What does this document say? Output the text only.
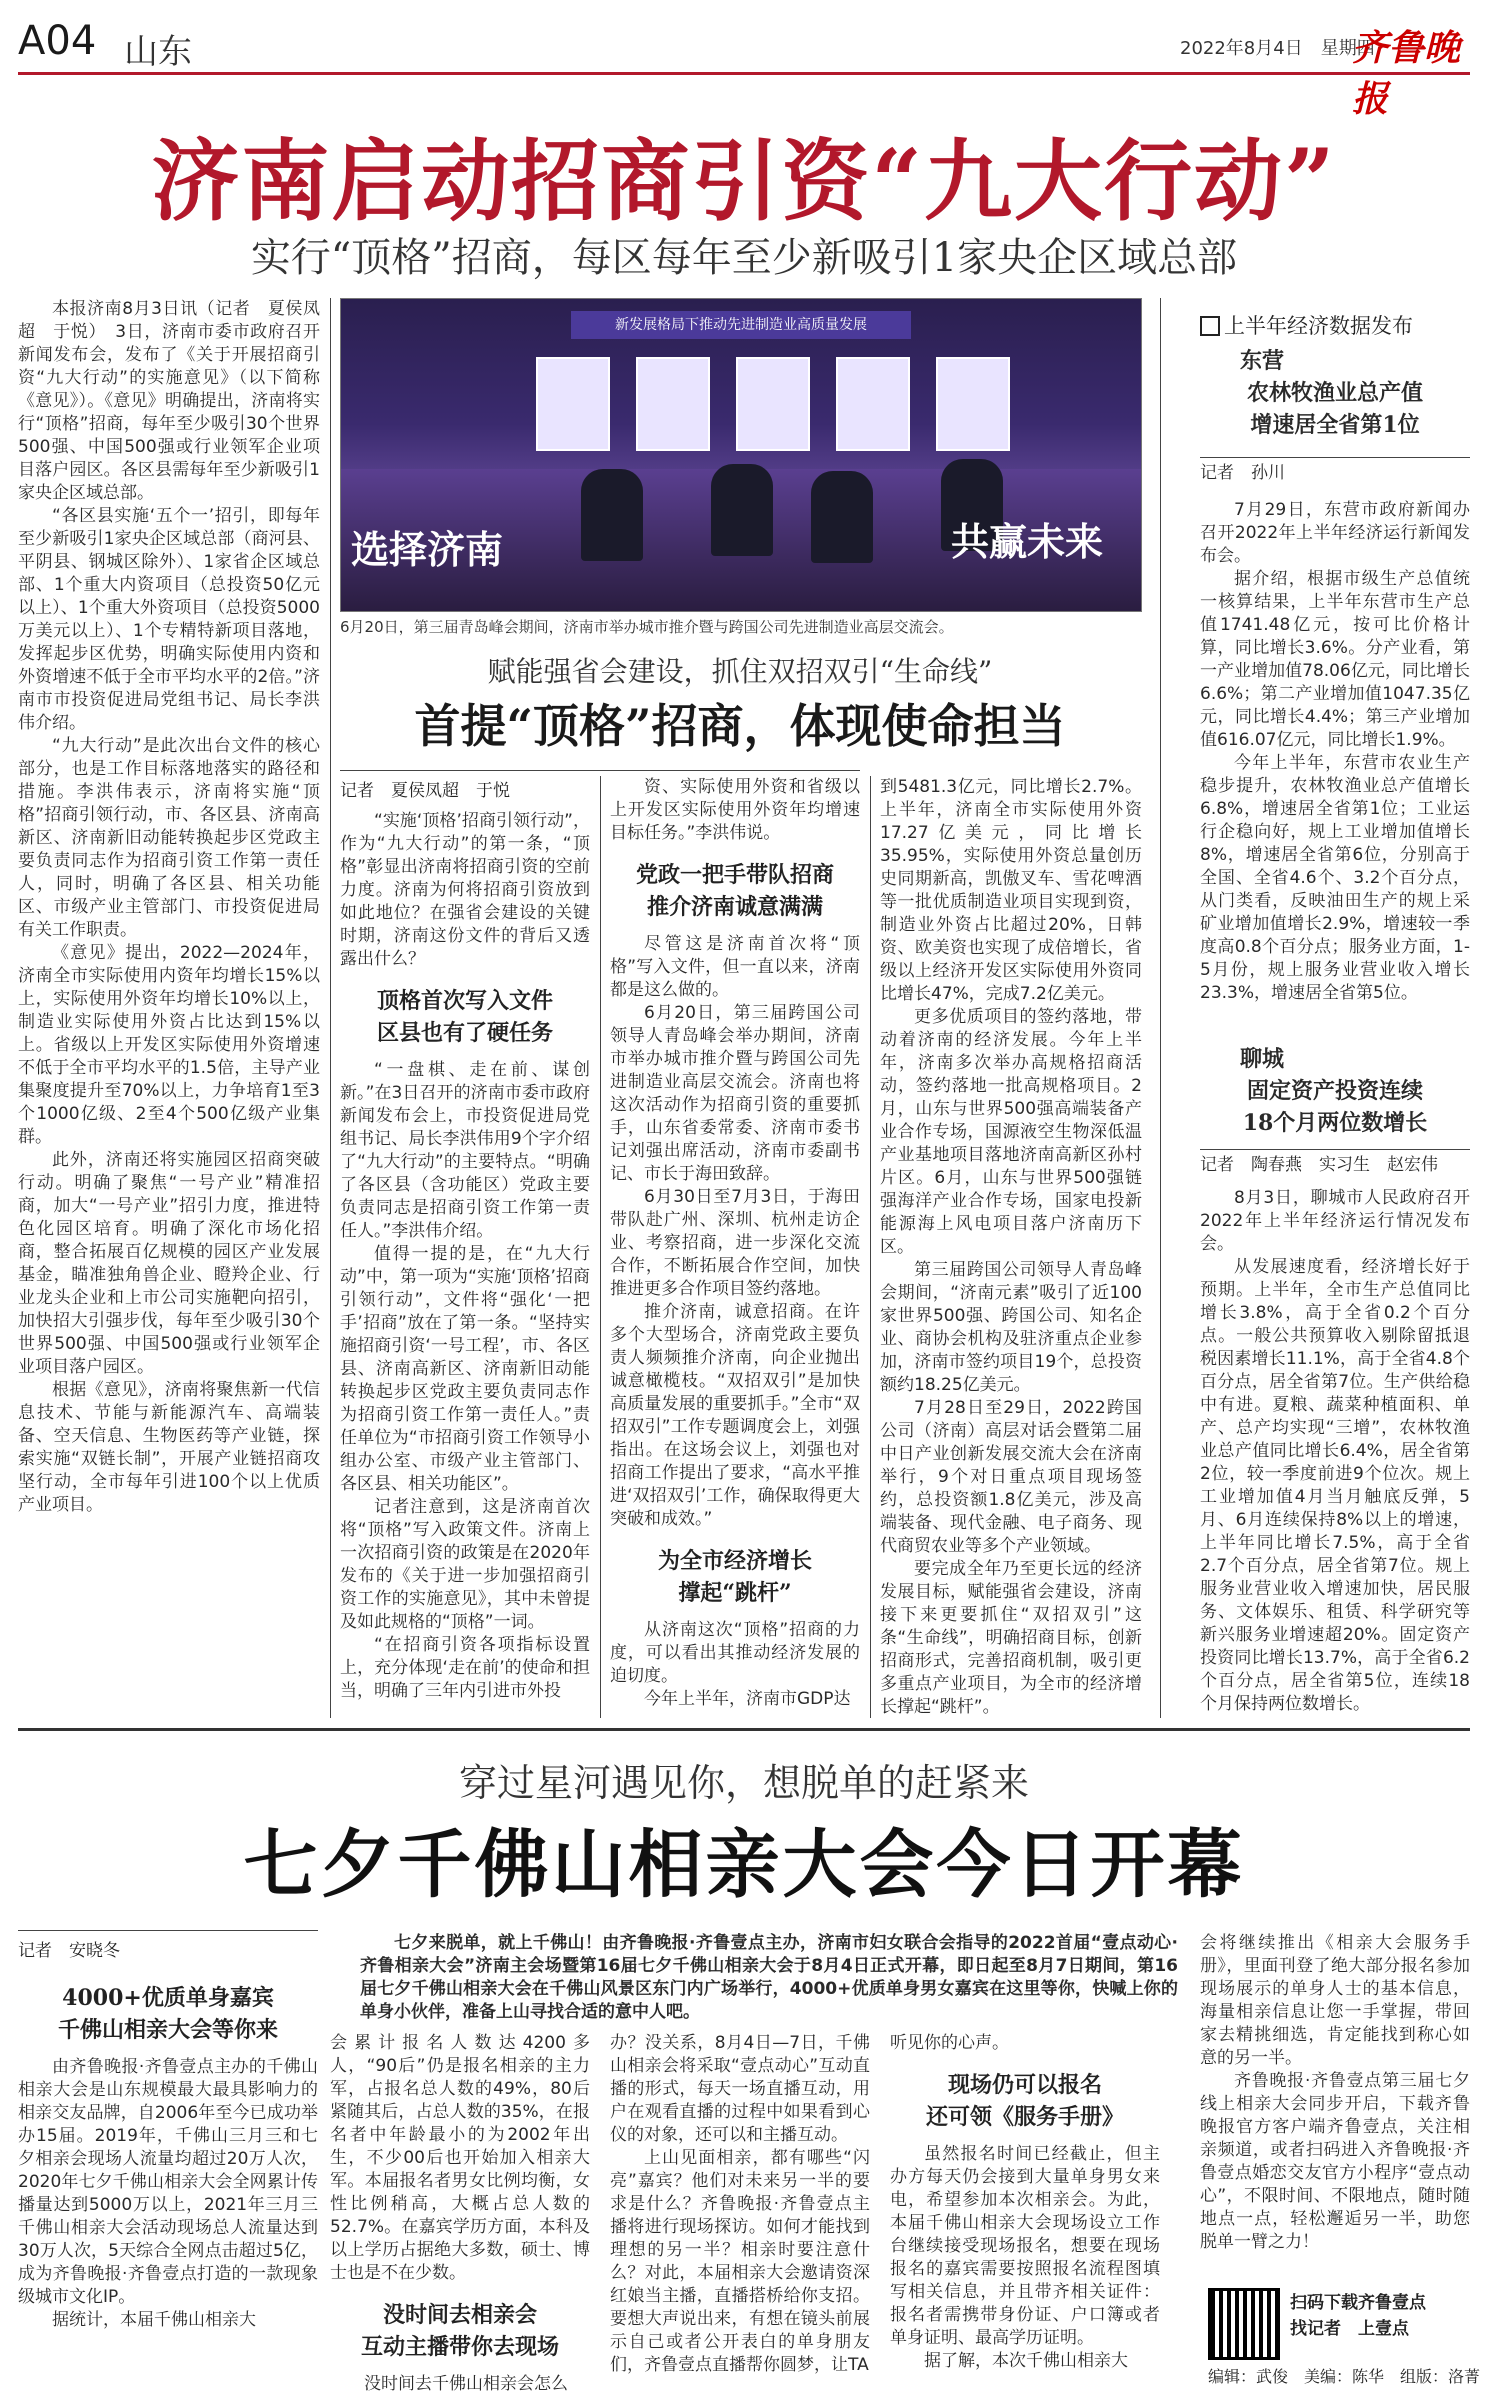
A04 山东	2022年8月4日　星期四
齐鲁晚报
济南启动招商引资“九大行动”
实行“顶格”招商，每区每年至少新吸引1家央企区域总部

本报济南8月3日讯（记者　夏侯凤超　于悦）　3日，济南市委市政府召开新闻发布会，发布了《关于开展招商引资“九大行动”的实施意见》（以下简称《意见》）。《意见》明确提出，济南将实行“顶格”招商，每年至少吸引30个世界500强、中国500强或行业领军企业项目落户园区。各区县需每年至少新吸引1家央企区域总部。

“各区县实施‘五个一’招引，即每年至少新吸引1家央企区域总部（商河县、平阴县、钢城区除外）、1家省企区域总部、1个重大内资项目（总投资50亿元以上）、1个重大外资项目（总投资5000万美元以上）、1个专精特新项目落地，发挥起步区优势，明确实际使用内资和外资增速不低于全市平均水平的2倍。”济南市市投资促进局党组书记、局长李洪伟介绍。

“九大行动”是此次出台文件的核心部分，也是工作目标落地落实的路径和措施。李洪伟表示，济南将实施“顶格”招商引领行动，市、各区县、济南高新区、济南新旧动能转换起步区党政主要负责同志作为招商引资工作第一责任人，同时，明确了各区县、相关功能区、市级产业主管部门、市投资促进局有关工作职责。

《意见》提出，2022—2024年，济南全市实际使用内资年均增长15%以上，实际使用外资年均增长10%以上，制造业实际使用外资占比达到15%以上。省级以上开发区实际使用外资增速不低于全市平均水平的1.5倍，主导产业集聚度提升至70%以上，力争培育1至3个1000亿级、2至4个500亿级产业集群。

此外，济南还将实施园区招商突破行动。明确了聚焦“一号产业”精准招商，加大“一号产业”招引力度，推进特色化园区培育。明确了深化市场化招商，整合拓展百亿规模的园区产业发展基金，瞄准独角兽企业、瞪羚企业、行业龙头企业和上市公司实施靶向招引，加快招大引强步伐，每年至少吸引30个世界500强、中国500强或行业领军企业项目落户园区。

根据《意见》，济南将聚焦新一代信息技术、节能与新能源汽车、高端装备、空天信息、生物医药等产业链，探索实施“双链长制”，开展产业链招商攻坚行动，全市每年引进100个以上优质产业项目。

新发展格局下推动先进制造业高质量发展
选择济南	共赢未来
6月20日，第三届青岛峰会期间，济南市举办城市推介暨与跨国公司先进制造业高层交流会。
赋能强省会建设，抓住双招双引“生命线”
首提“顶格”招商，体现使命担当
记者　夏侯凤超　于悦

“实施‘顶格’招商引领行动”，作为“九大行动”的第一条，“顶格”彰显出济南将招商引资的空前力度。济南为何将招商引资放到如此地位？在强省会建设的关键时期，济南这份文件的背后又透露出什么？

顶格首次写入文件
区县也有了硬任务

“一盘棋、走在前、谋创新。”在3日召开的济南市委市政府新闻发布会上，市投资促进局党组书记、局长李洪伟用9个字介绍了“九大行动”的主要特点。“明确了各区县（含功能区）党政主要负责同志是招商引资工作第一责任人。”李洪伟介绍。

值得一提的是，在“九大行动”中，第一项为“实施‘顶格’招商引领行动”，文件将“强化‘一把手’招商”放在了第一条。“坚持实施招商引资‘一号工程’，市、各区县、济南高新区、济南新旧动能转换起步区党政主要负责同志作为招商引资工作第一责任人。”责任单位为“市招商引资工作领导小组办公室、市级产业主管部门、各区县、相关功能区”。

记者注意到，这是济南首次将“顶格”写入政策文件。济南上一次招商引资的政策是在2020年发布的《关于进一步加强招商引资工作的实施意见》，其中未曾提及如此规格的“顶格”一词。

“在招商引资各项指标设置上，充分体现‘走在前’的使命和担当，明确了三年内引进市外投

资、实际使用外资和省级以上开发区实际使用外资年均增速目标任务。”李洪伟说。

党政一把手带队招商
推介济南诚意满满

尽管这是济南首次将“顶格”写入文件，但一直以来，济南都是这么做的。

6月20日，第三届跨国公司领导人青岛峰会举办期间，济南市举办城市推介暨与跨国公司先进制造业高层交流会。济南也将这次活动作为招商引资的重要抓手，山东省委常委、济南市委书记刘强出席活动，济南市委副书记、市长于海田致辞。

6月30日至7月3日，于海田带队赴广州、深圳、杭州走访企业、考察招商，进一步深化交流合作，不断拓展合作空间，加快推进更多合作项目签约落地。

推介济南，诚意招商。在许多个大型场合，济南党政主要负责人频频推介济南，向企业抛出诚意橄榄枝。“双招双引”是加快高质量发展的重要抓手。”全市“双招双引”工作专题调度会上，刘强指出。在这场会议上，刘强也对招商工作提出了要求，“高水平推进‘双招双引’工作，确保取得更大突破和成效。”

为全市经济增长
撑起“跳杆”

从济南这次“顶格”招商的力度，可以看出其推动经济发展的迫切度。

今年上半年，济南市GDP达

到5481.3亿元，同比增长2.7%。上半年，济南全市实际使用外资17.27亿美元，同比增长35.95%，实际使用外资总量创历史同期新高，凯傲叉车、雪花啤酒等一批优质制造业项目实现到资，制造业外资占比超过20%，日韩资、欧美资也实现了成倍增长，省级以上经济开发区实际使用外资同比增长47%，完成7.2亿美元。

更多优质项目的签约落地，带动着济南的经济发展。今年上半年，济南多次举办高规格招商活动，签约落地一批高规格项目。2月，山东与世界500强高端装备产业合作专场，国源液空生物深低温产业基地项目落地济南高新区孙村片区。6月，山东与世界500强链强海洋产业合作专场，国家电投新能源海上风电项目落户济南历下区。

第三届跨国公司领导人青岛峰会期间，“济南元素”吸引了近100家世界500强、跨国公司、知名企业、商协会机构及驻济重点企业参加，济南市签约项目19个，总投资额约18.25亿美元。

7月28日至29日，2022跨国公司（济南）高层对话会暨第二届中日产业创新发展交流大会在济南举行，9个对日重点项目现场签约，总投资额1.8亿美元，涉及高端装备、现代金融、电子商务、现代商贸农业等多个产业领域。

要完成全年乃至更长远的经济发展目标，赋能强省会建设，济南接下来更要抓住“双招双引”这条“生命线”，明确招商目标，创新招商形式，完善招商机制，吸引更多重点产业项目，为全市的经济增长撑起“跳杆”。

上半年经济数据发布
东营
农林牧渔业总产值
增速居全省第1位

记者　孙川

7月29日，东营市政府新闻办召开2022年上半年经济运行新闻发布会。

据介绍，根据市级生产总值统一核算结果，上半年东营市生产总值1741.48亿元，按可比价格计算，同比增长3.6%。分产业看，第一产业增加值78.06亿元，同比增长6.6%；第二产业增加值1047.35亿元，同比增长4.4%；第三产业增加值616.07亿元，同比增长1.9%。

今年上半年，东营市农业生产稳步提升，农林牧渔业总产值增长6.8%，增速居全省第1位；工业运行企稳向好，规上工业增加值增长8%，增速居全省第6位，分别高于全国、全省4.6个、3.2个百分点，从门类看，反映油田生产的规上采矿业增加值增长2.9%，增速较一季度高0.8个百分点；服务业方面，1-5月份，规上服务业营业收入增长23.3%，增速居全省第5位。

聊城
固定资产投资连续
18个月两位数增长

记者　陶春燕　实习生　赵宏伟

8月3日，聊城市人民政府召开2022年上半年经济运行情况发布会。

从发展速度看，经济增长好于预期。上半年，全市生产总值同比增长3.8%，高于全省0.2个百分点。一般公共预算收入剔除留抵退税因素增长11.1%，高于全省4.8个百分点，居全省第7位。生产供给稳中有进。夏粮、蔬菜种植面积、单产、总产均实现“三增”，农林牧渔业总产值同比增长6.4%，居全省第2位，较一季度前进9个位次。规上工业增加值4月当月触底反弹，5月、6月连续保持8%以上的增速，上半年同比增长7.5%，高于全省2.7个百分点，居全省第7位。规上服务业营业收入增速加快，居民服务、文体娱乐、租赁、科学研究等新兴服务业增速超20%。固定资产投资同比增长13.7%，高于全省6.2个百分点，居全省第5位，连续18个月保持两位数增长。

穿过星河遇见你，想脱单的赶紧来
七夕千佛山相亲大会今日开幕
记者　安晓冬	七夕来脱单，就上千佛山！由齐鲁晚报·齐鲁壹点主办，济南市妇女联合会指导的2022首届“壹点动心·齐鲁相亲大会”济南主会场暨第16届七夕千佛山相亲大会于8月4日正式开幕，即日起至8月7日期间，第16届七夕千佛山相亲大会在千佛山风景区东门内广场举行，4000+优质单身男女嘉宾在这里等你，快喊上你的单身小伙伴，准备上山寻找合适的意中人吧。

4000+优质单身嘉宾
千佛山相亲大会等你来

由齐鲁晚报·齐鲁壹点主办的千佛山相亲大会是山东规模最大最具影响力的相亲交友品牌，自2006年至今已成功举办15届。2019年，千佛山三月三和七夕相亲会现场人流量均超过20万人次，2020年七夕千佛山相亲大会全网累计传播量达到5000万以上，2021年三月三千佛山相亲大会活动现场总人流量达到30万人次，5天综合全网点击超过5亿，成为齐鲁晚报·齐鲁壹点打造的一款现象级城市文化IP。

据统计，本届千佛山相亲大

会累计报名人数达4200多人，“90后”仍是报名相亲的主力军，占报名总人数的49%，80后紧随其后，占总人数的35%，在报名者中年龄最小的为2002年出生，不少00后也开始加入相亲大军。本届报名者男女比例均衡，女性比例稍高，大概占总人数的52.7%。在嘉宾学历方面，本科及以上学历占据绝大多数，硕士、博士也是不在少数。

没时间去相亲会
互动主播带你去现场

没时间去千佛山相亲会怎么

办？没关系，8月4日—7日，千佛山相亲会将采取“壹点动心”互动直播的形式，每天一场直播互动，用户在观看直播的过程中如果看到心仪的对象，还可以和主播互动。

上山见面相亲，都有哪些“闪亮”嘉宾？他们对未来另一半的要求是什么？齐鲁晚报·齐鲁壹点主播将进行现场探访。如何才能找到理想的另一半？相亲时要注意什么？对此，本届相亲大会邀请资深红娘当主播，直播搭桥给你支招。要想大声说出来，有想在镜头前展示自己或者公开表白的单身朋友们，齐鲁壹点直播帮你圆梦，让TA

听见你的心声。

现场仍可以报名
还可领《服务手册》

虽然报名时间已经截止，但主办方每天仍会接到大量单身男女来电，希望参加本次相亲会。为此，本届千佛山相亲大会现场设立工作台继续接受现场报名，想要在现场报名的嘉宾需要按照报名流程图填写相关信息，并且带齐相关证件：报名者需携带身份证、户口簿或者单身证明、最高学历证明。

据了解，本次千佛山相亲大

会将继续推出《相亲大会服务手册》，里面刊登了绝大部分报名参加现场展示的单身人士的基本信息，海量相亲信息让您一手掌握，带回家去精挑细选，肯定能找到称心如意的另一半。

齐鲁晚报·齐鲁壹点第三届七夕线上相亲大会同步开启，下载齐鲁晚报官方客户端齐鲁壹点，关注相亲频道，或者扫码进入齐鲁晚报·齐鲁壹点婚恋交友官方小程序“壹点动心”，不限时间、不限地点，随时随地点一点，轻松邂逅另一半，助您脱单一臂之力！

扫码下载齐鲁壹点
找记者　上壹点
编辑：武俊　美编：陈华　组版：洛菁
